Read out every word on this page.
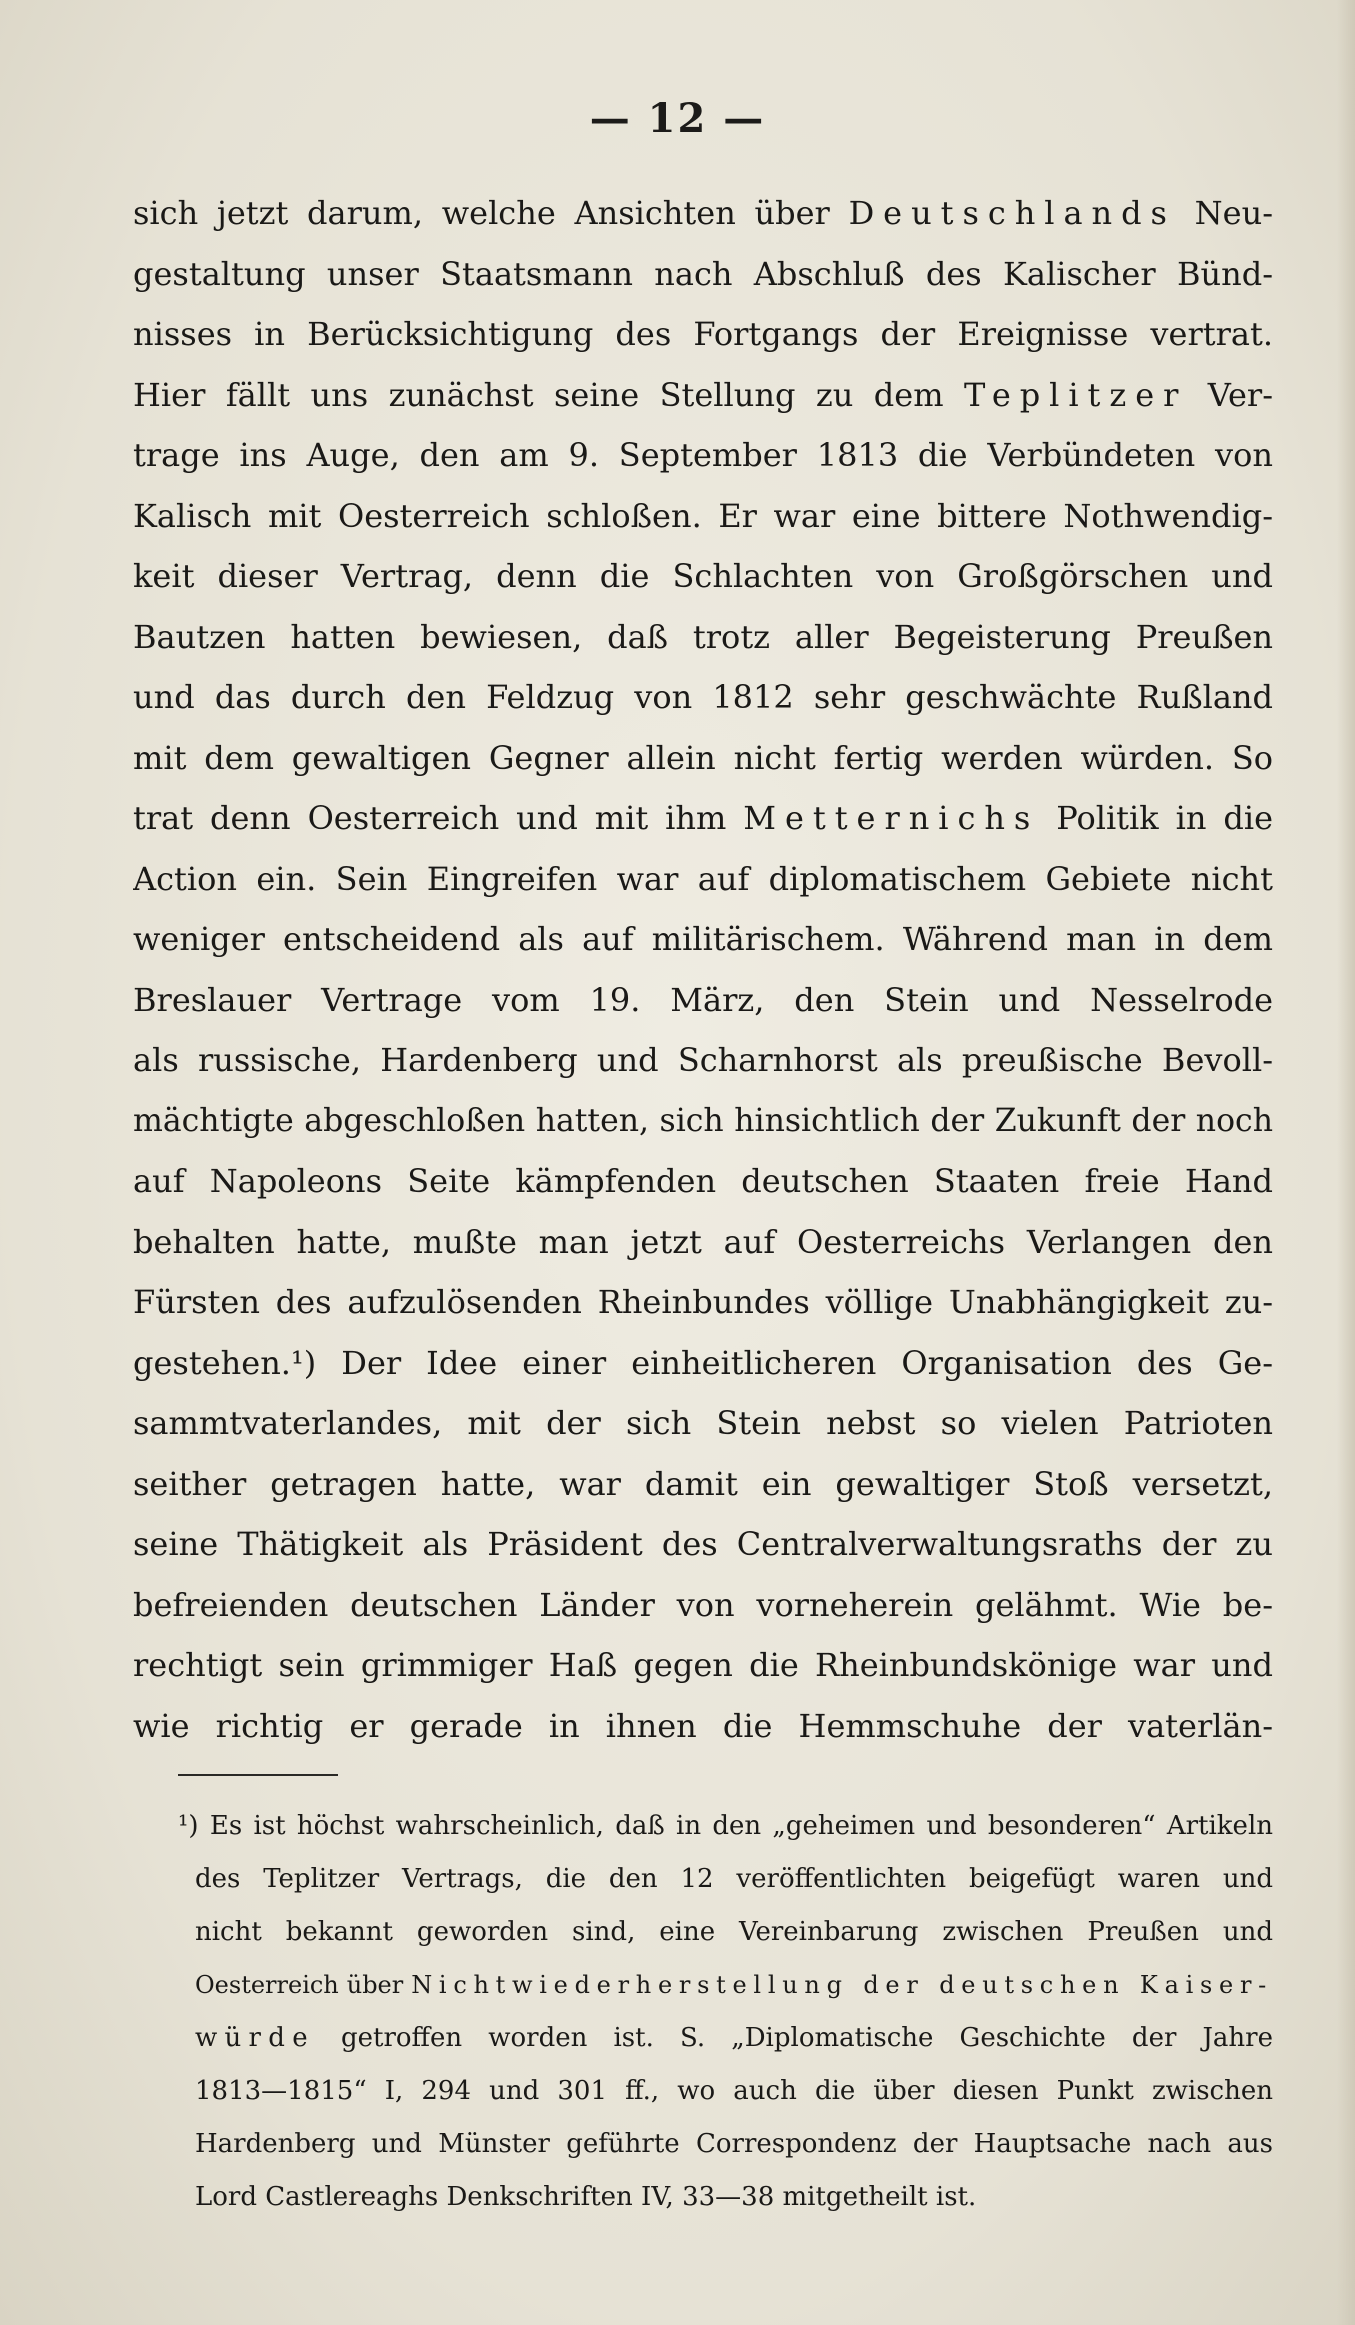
— 12 —
sich jetzt darum, welche Ansichten über Deutschlands Neu-
gestaltung unser Staatsmann nach Abschluß des Kalischer Bünd-
nisses in Berücksichtigung des Fortgangs der Ereignisse vertrat.
Hier fällt uns zunächst seine Stellung zu dem Teplitzer Ver-
trage ins Auge, den am 9. September 1813 die Verbündeten von
Kalisch mit Oesterreich schloßen. Er war eine bittere Nothwendig-
keit dieser Vertrag, denn die Schlachten von Großgörschen und
Bautzen hatten bewiesen, daß trotz aller Begeisterung Preußen
und das durch den Feldzug von 1812 sehr geschwächte Rußland
mit dem gewaltigen Gegner allein nicht fertig werden würden. So
trat denn Oesterreich und mit ihm Metternichs Politik in die
Action ein. Sein Eingreifen war auf diplomatischem Gebiete nicht
weniger entscheidend als auf militärischem. Während man in dem
Breslauer Vertrage vom 19. März, den Stein und Nesselrode
als russische, Hardenberg und Scharnhorst als preußische Bevoll-
mächtigte abgeschloßen hatten, sich hinsichtlich der Zukunft der noch
auf Napoleons Seite kämpfenden deutschen Staaten freie Hand
behalten hatte, mußte man jetzt auf Oesterreichs Verlangen den
Fürsten des aufzulösenden Rheinbundes völlige Unabhängigkeit zu-
gestehen.¹) Der Idee einer einheitlicheren Organisation des Ge-
sammtvaterlandes, mit der sich Stein nebst so vielen Patrioten
seither getragen hatte, war damit ein gewaltiger Stoß versetzt,
seine Thätigkeit als Präsident des Centralverwaltungsraths der zu
befreienden deutschen Länder von vorneherein gelähmt. Wie be-
rechtigt sein grimmiger Haß gegen die Rheinbundskönige war und
wie richtig er gerade in ihnen die Hemmschuhe der vaterlän-
¹) Es ist höchst wahrscheinlich, daß in den „geheimen und besonderen“ Artikeln
des Teplitzer Vertrags, die den 12 veröffentlichten beigefügt waren und
nicht bekannt geworden sind, eine Vereinbarung zwischen Preußen und
Oesterreich über Nichtwiederherstellung der deutschen Kaiser-
würde getroffen worden ist. S. „Diplomatische Geschichte der Jahre
1813—1815“ I, 294 und 301 ff., wo auch die über diesen Punkt zwischen
Hardenberg und Münster geführte Correspondenz der Hauptsache nach aus
Lord Castlereaghs Denkschriften IV, 33—38 mitgetheilt ist.
